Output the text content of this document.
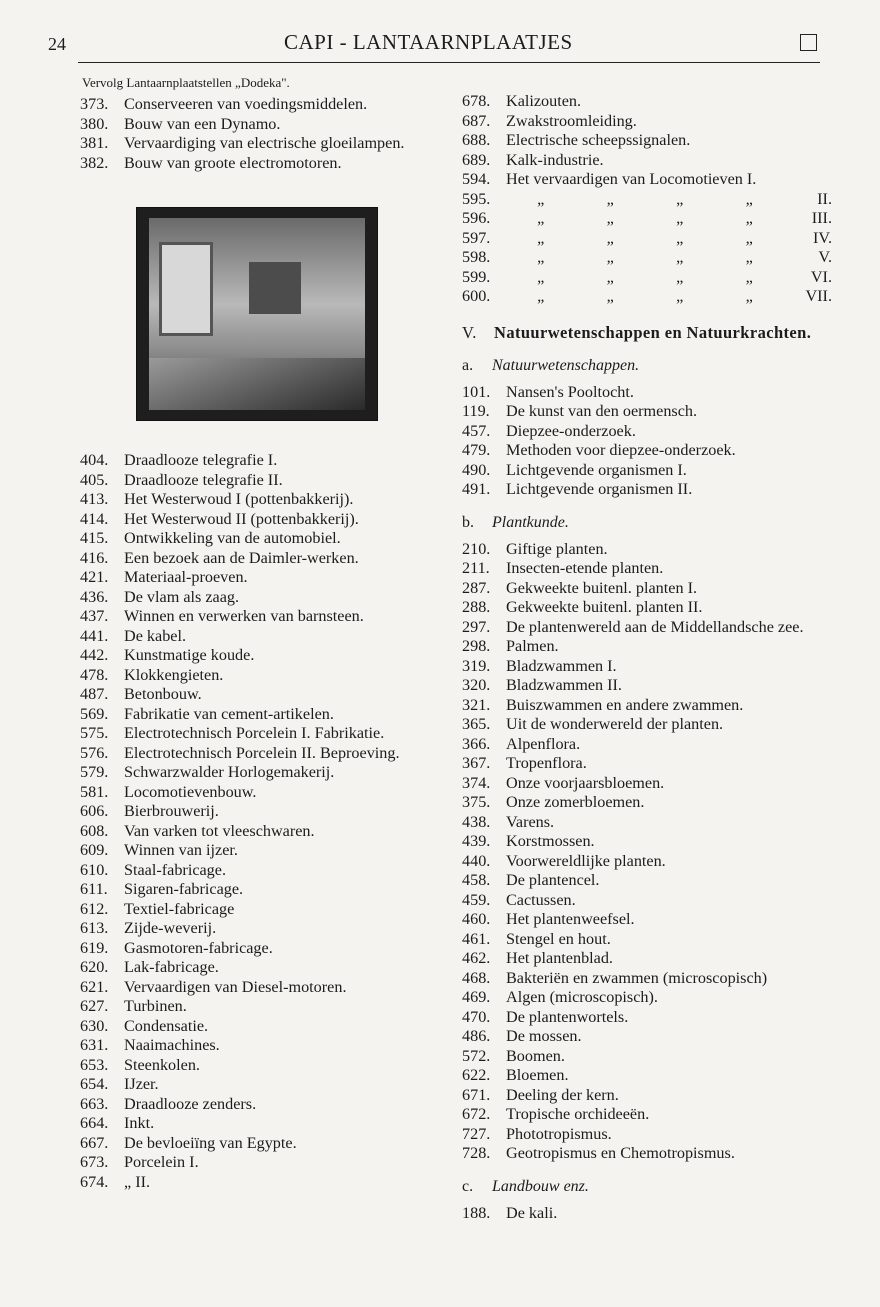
24	CAPI - LANTAARNPLAATJES
Vervolg Lantaarnplaatstellen „Dodeka".
373. Conserveeren van voedingsmiddelen.
380. Bouw van een Dynamo.
381. Vervaardiging van electrische gloeilampen.
382. Bouw van groote electromotoren.
404. Draadlooze telegrafie I.
405. Draadlooze telegrafie II.
413. Het Westerwoud I (pottenbakkerij).
414. Het Westerwoud II (pottenbakkerij).
415. Ontwikkeling van de automobiel.
416. Een bezoek aan de Daimler-werken.
421. Materiaal-proeven.
436. De vlam als zaag.
437. Winnen en verwerken van barnsteen.
441. De kabel.
442. Kunstmatige koude.
478. Klokkengieten.
487. Betonbouw.
569. Fabrikatie van cement-artikelen.
575. Electrotechnisch Porcelein I. Fabrikatie.
576. Electrotechnisch Porcelein II. Beproeving.
579. Schwarzwalder Horlogemakerij.
581. Locomotievenbouw.
606. Bierbrouwerij.
608. Van varken tot vleeschwaren.
609. Winnen van ijzer.
610. Staal-fabricage.
611.	Sigaren-fabricage.
612. Textiel-fabricage
613. Zijde-weverij.
619. Gasmotoren-fabricage.
620. Lak-fabricage.
621. Vervaardigen van Diesel-motoren.
627. Turbinen.
630. Condensatie.
631. Naaimachines.
653. Steenkolen.
654. IJzer.
663. Draadlooze zenders.
664. Inkt.
667. De bevloeiïng van Egypte.
673. Porcelein I.
674. „ II.
678. Kalizouten.
687. Zwakstroomleiding.
688. Electrische scheepssignalen.
689. Kalk-industrie.
594. Het vervaardigen van Locomotieven I.
595.	„	„	„	„	II.
596.	„	„	„	„	III.
597.	„	„	„	„	IV.
598.	„	„	„	„	V.
599.	„	„	„	„	VI.
600.	„	„	„	„	VII.
V. Natuurwetenschappen en Natuurkrachten.
a. Natuurwetenschappen.
101. Nansen's Pooltocht.
119.	De kunst van den oermensch.
457. Diepzee-onderzoek.
479. Methoden voor diepzee-onderzoek.
490. Lichtgevende organismen I.
491. Lichtgevende organismen II.
b. Plantkunde.
210. Giftige planten.
211.	Insecten-etende planten.
287. Gekweekte buitenl. planten I.
288. Gekweekte buitenl. planten II.
297. De plantenwereld aan de Middellandsche zee.
298. Palmen.
319. Bladzwammen I.
320. Bladzwammen II.
321. Buiszwammen en andere zwammen.
365. Uit de wonderwereld der planten.
366. Alpenflora.
367. Tropenflora.
374. Onze voorjaarsbloemen.
375. Onze zomerbloemen.
438. Varens.
439. Korstmossen.
440. Voorwereldlijke planten.
458. De plantencel.
459. Cactussen.
460. Het plantenweefsel.
461. Stengel en hout.
462. Het plantenblad.
468. Bakteriën en zwammen (microscopisch)
469. Algen (microscopisch).
470. De plantenwortels.
486. De mossen.
572. Boomen.
622. Bloemen.
671. Deeling der kern.
672. Tropische orchideeën.
727. Phototropismus.
728. Geotropismus en Chemotropismus.
c. Landbouw enz.
188. De kali.
